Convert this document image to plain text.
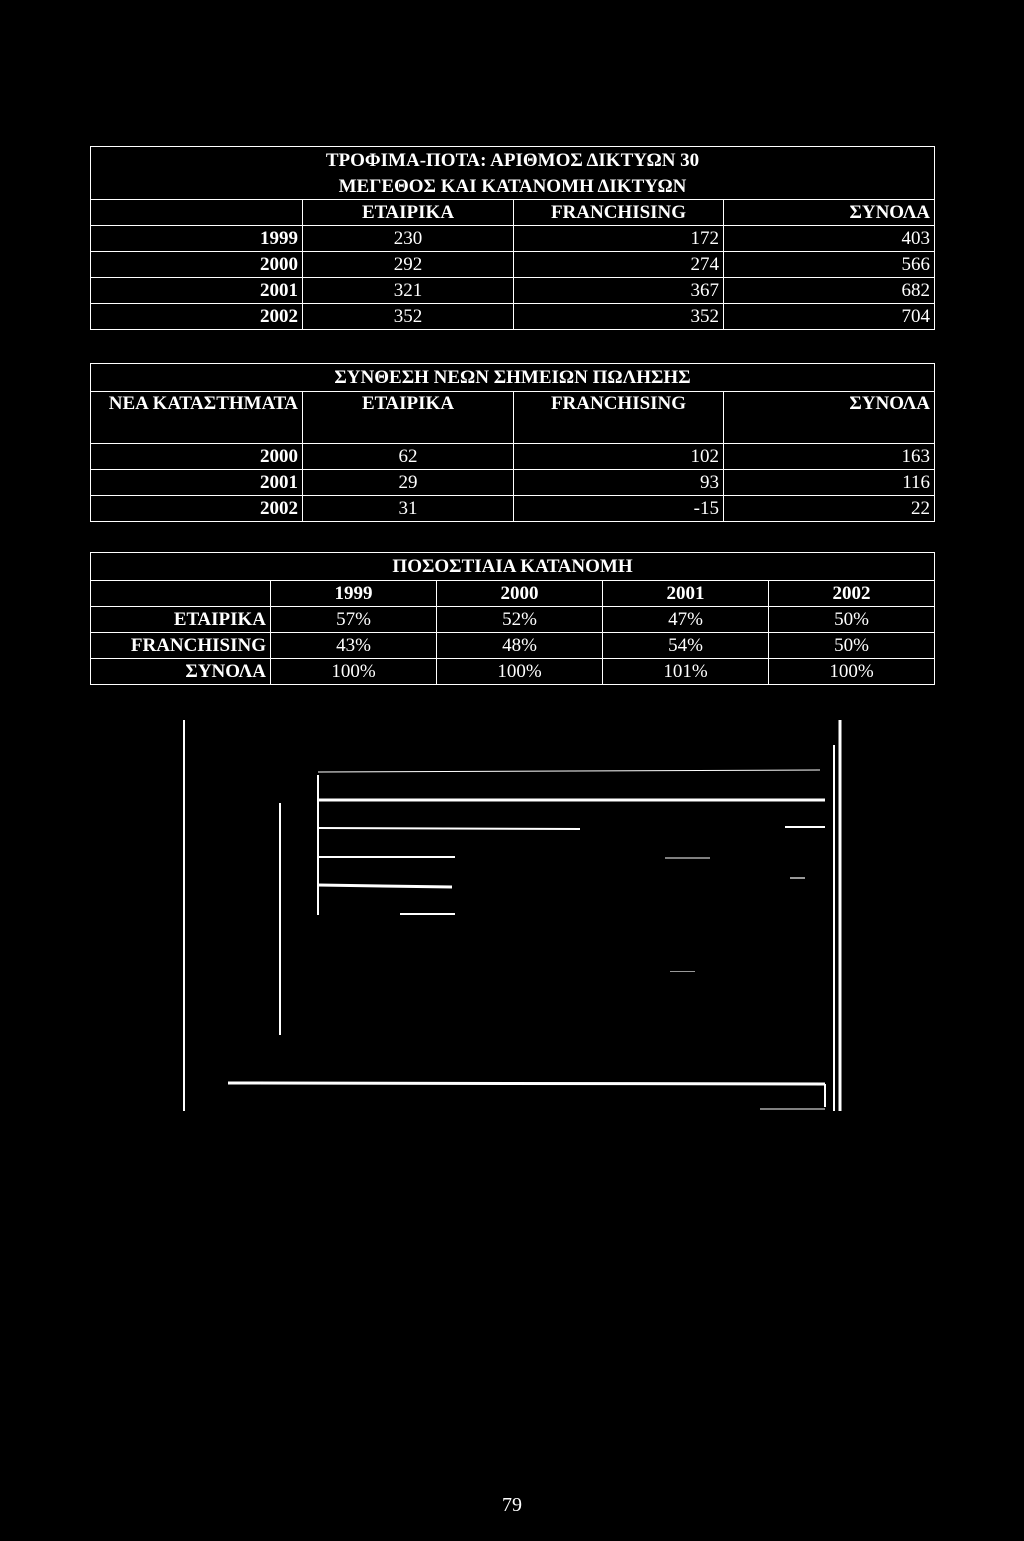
ΤΡΟΦΙΜΑ-ΠΟΤΑ: ΑΡΙΘΜΟΣ ΔΙΚΤΥΩΝ 30			
ΜΕΓΕΘΟΣ ΚΑΙ ΚΑΤΑΝΟΜΗ ΔΙΚΤΥΩΝ			
	ΕΤΑΙΡΙΚΑ	FRANCHISING	ΣΥΝΟΛΑ
1999	230	172	403
2000	292	274	566
2001	321	367	682
2002	352	352	704
ΣΥΝΘΕΣΗ ΝΕΩΝ ΣΗΜΕΙΩΝ ΠΩΛΗΣΗΣ			
ΝΕΑ ΚΑΤΑΣΤΗΜΑΤΑ	ΕΤΑΙΡΙΚΑ	FRANCHISING	ΣΥΝΟΛΑ
2000	62	102	163
2001	29	93	116
2002	31	-15	22
ΠΟΣΟΣΤΙΑΙΑ ΚΑΤΑΝΟΜΗ				
	1999	2000	2001	2002
ΕΤΑΙΡΙΚΑ	57%	52%	47%	50%
FRANCHISING	43%	48%	54%	50%
ΣΥΝΟΛΑ	100%	100%	101%	100%
79
